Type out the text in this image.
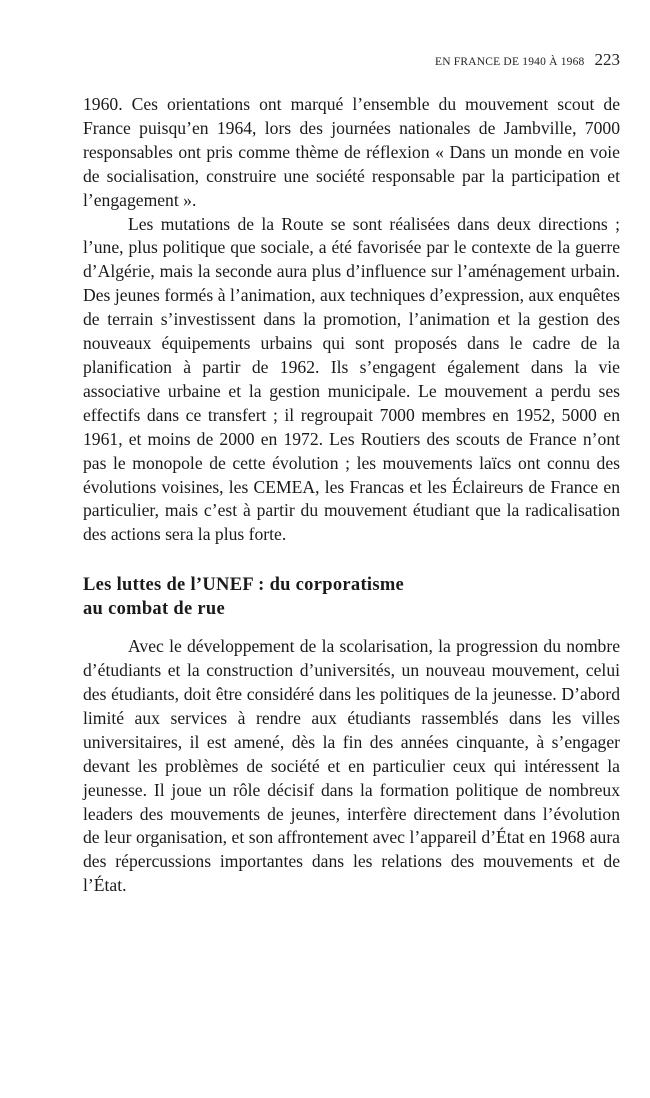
EN FRANCE DE 1940 À 1968 223

1960. Ces orientations ont marqué l’ensemble du mouvement scout de France puisqu’en 1964, lors des journées nationales de Jambville, 7000 responsables ont pris comme thème de réflexion « Dans un monde en voie de socialisation, construire une société responsable par la participation et l’engagement ».

Les mutations de la Route se sont réalisées dans deux directions ; l’une, plus politique que sociale, a été favorisée par le contexte de la guerre d’Algérie, mais la seconde aura plus d’influence sur l’aménagement urbain. Des jeunes formés à l’animation, aux techniques d’expression, aux enquêtes de terrain s’investissent dans la promotion, l’animation et la gestion des nouveaux équipements urbains qui sont proposés dans le cadre de la planification à partir de 1962. Ils s’engagent également dans la vie associative urbaine et la gestion municipale. Le mouvement a perdu ses effectifs dans ce transfert ; il regroupait 7000 membres en 1952, 5000 en 1961, et moins de 2000 en 1972. Les Routiers des scouts de France n’ont pas le monopole de cette évolution ; les mouvements laïcs ont connu des évolutions voisines, les CEMEA, les Francas et les Éclaireurs de France en particulier, mais c’est à partir du mouvement étudiant que la radicalisation des actions sera la plus forte.

Les luttes de l’UNEF : du corporatisme
au combat de rue

Avec le développement de la scolarisation, la progression du nombre d’étudiants et la construction d’universités, un nouveau mouvement, celui des étudiants, doit être considéré dans les politiques de la jeunesse. D’abord limité aux services à rendre aux étudiants rassemblés dans les villes universitaires, il est amené, dès la fin des années cinquante, à s’engager devant les problèmes de société et en particulier ceux qui intéressent la jeunesse. Il joue un rôle décisif dans la formation politique de nombreux leaders des mouvements de jeunes, interfère directement dans l’évolution de leur organisation, et son affrontement avec l’appareil d’État en 1968 aura des répercussions importantes dans les relations des mouvements et de l’État.
